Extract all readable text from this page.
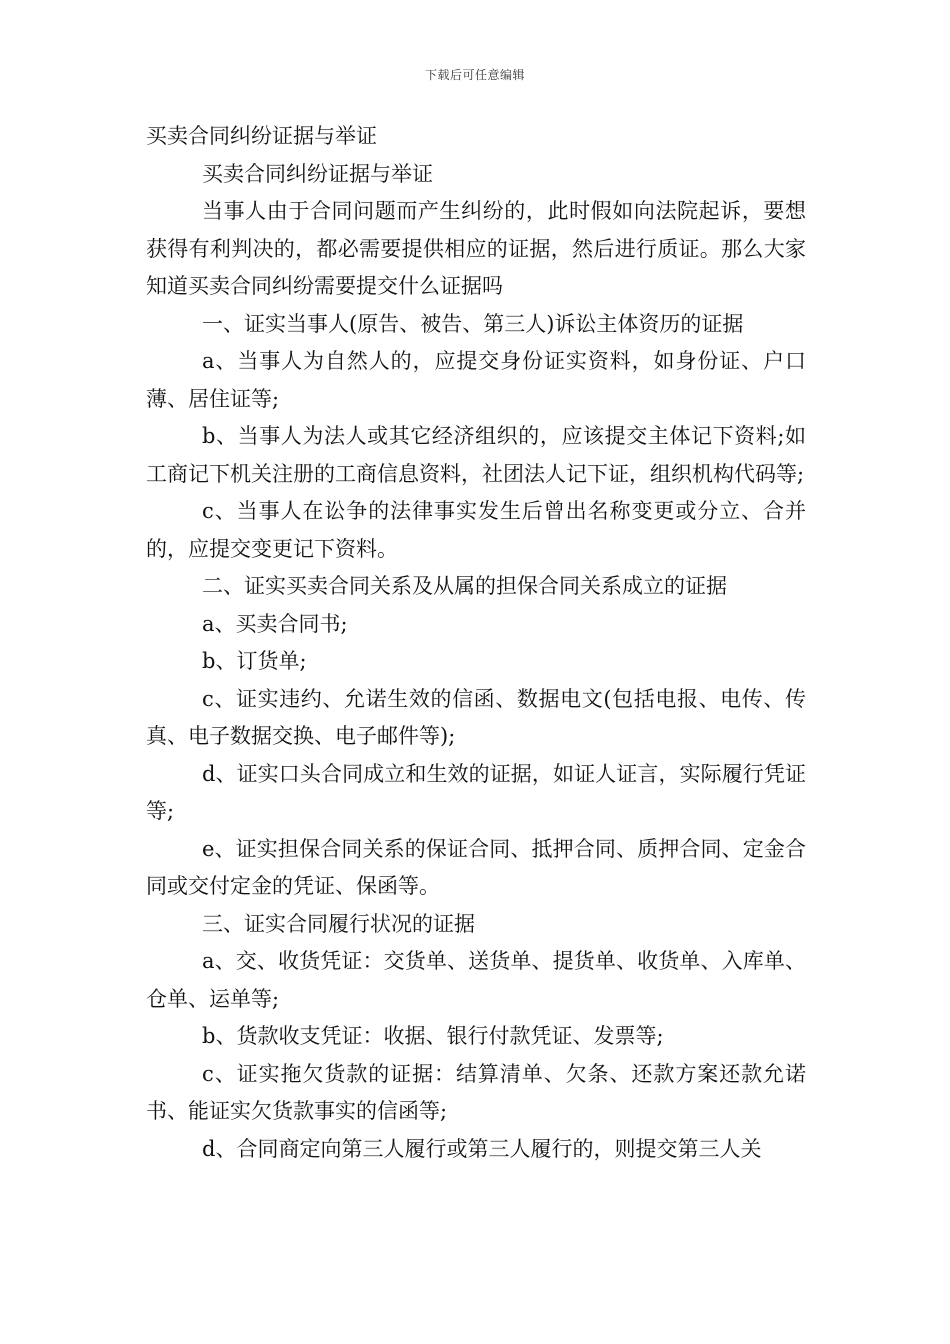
下载后可任意编辑

买卖合同纠纷证据与举证

买卖合同纠纷证据与举证

当事人由于合同问题而产生纠纷的，此时假如向法院起诉，要想获得有利判决的，都必需要提供相应的证据，然后进行质证。那么大家知道买卖合同纠纷需要提交什么证据吗

一、证实当事人(原告、被告、第三人)诉讼主体资历的证据

a、当事人为自然人的，应提交身份证实资料，如身份证、户口薄、居住证等;

b、当事人为法人或其它经济组织的，应该提交主体记下资料;如工商记下机关注册的工商信息资料，社团法人记下证，组织机构代码等;

c、当事人在讼争的法律事实发生后曾出名称变更或分立、合并的，应提交变更记下资料。

二、证实买卖合同关系及从属的担保合同关系成立的证据

a、买卖合同书;

b、订货单;

c、证实违约、允诺生效的信函、数据电文(包括电报、电传、传真、电子数据交换、电子邮件等);

d、证实口头合同成立和生效的证据，如证人证言，实际履行凭证等;

e、证实担保合同关系的保证合同、抵押合同、质押合同、定金合同或交付定金的凭证、保函等。

三、证实合同履行状况的证据

a、交、收货凭证：交货单、送货单、提货单、收货单、入库单、仓单、运单等;

b、货款收支凭证：收据、银行付款凭证、发票等;

c、证实拖欠货款的证据：结算清单、欠条、还款方案还款允诺书、能证实欠货款事实的信函等;

d、合同商定向第三人履行或第三人履行的，则提交第三人关
